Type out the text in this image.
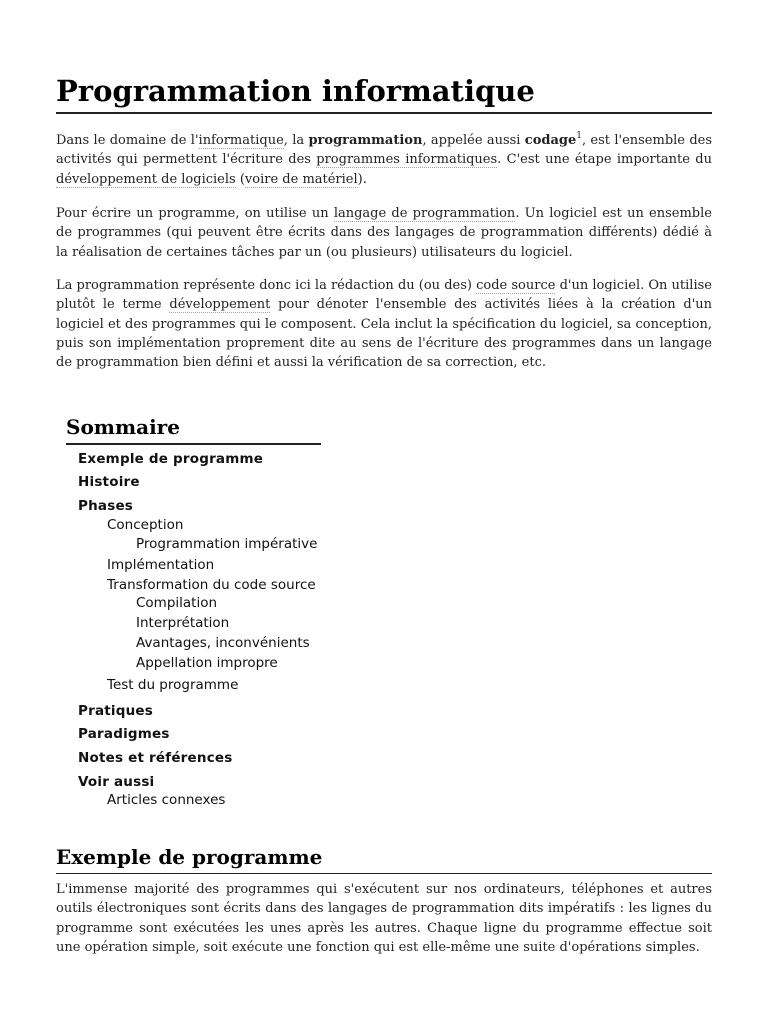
Programmation informatique

Dans le domaine de l'informatique, la programmation, appelée aussi codage$^1$, est l'ensemble des activités qui permettent l'écriture des programmes informatiques. C'est une étape importante du développement de logiciels (voire de matériel).

Pour écrire un programme, on utilise un langage de programmation. Un logiciel est un ensemble de programmes (qui peuvent être écrits dans des langages de programmation différents) dédié à la réalisation de certaines tâches par un (ou plusieurs) utilisateurs du logiciel.

La programmation représente donc ici la rédaction du (ou des) code source d'un logiciel. On utilise plutôt le terme développement pour dénoter l'ensemble des activités liées à la création d'un logiciel et des programmes qui le composent. Cela inclut la spécification du logiciel, sa conception, puis son implémentation proprement dite au sens de l'écriture des programmes dans un langage de programmation bien défini et aussi la vérification de sa correction, etc.

Sommaire
Exemple de programme
Histoire
Phases
Conception
Programmation impérative
Implémentation
Transformation du code source
Compilation
Interprétation
Avantages, inconvénients
Appellation impropre
Test du programme
Pratiques
Paradigmes
Notes et références
Voir aussi
Articles connexes
Exemple de programme

L'immense majorité des programmes qui s'exécutent sur nos ordinateurs, téléphones et autres outils électroniques sont écrits dans des langages de programmation dits impératifs : les lignes du programme sont exécutées les unes après les autres. Chaque ligne du programme effectue soit une opération simple, soit exécute une fonction qui est elle-même une suite d'opérations simples.
